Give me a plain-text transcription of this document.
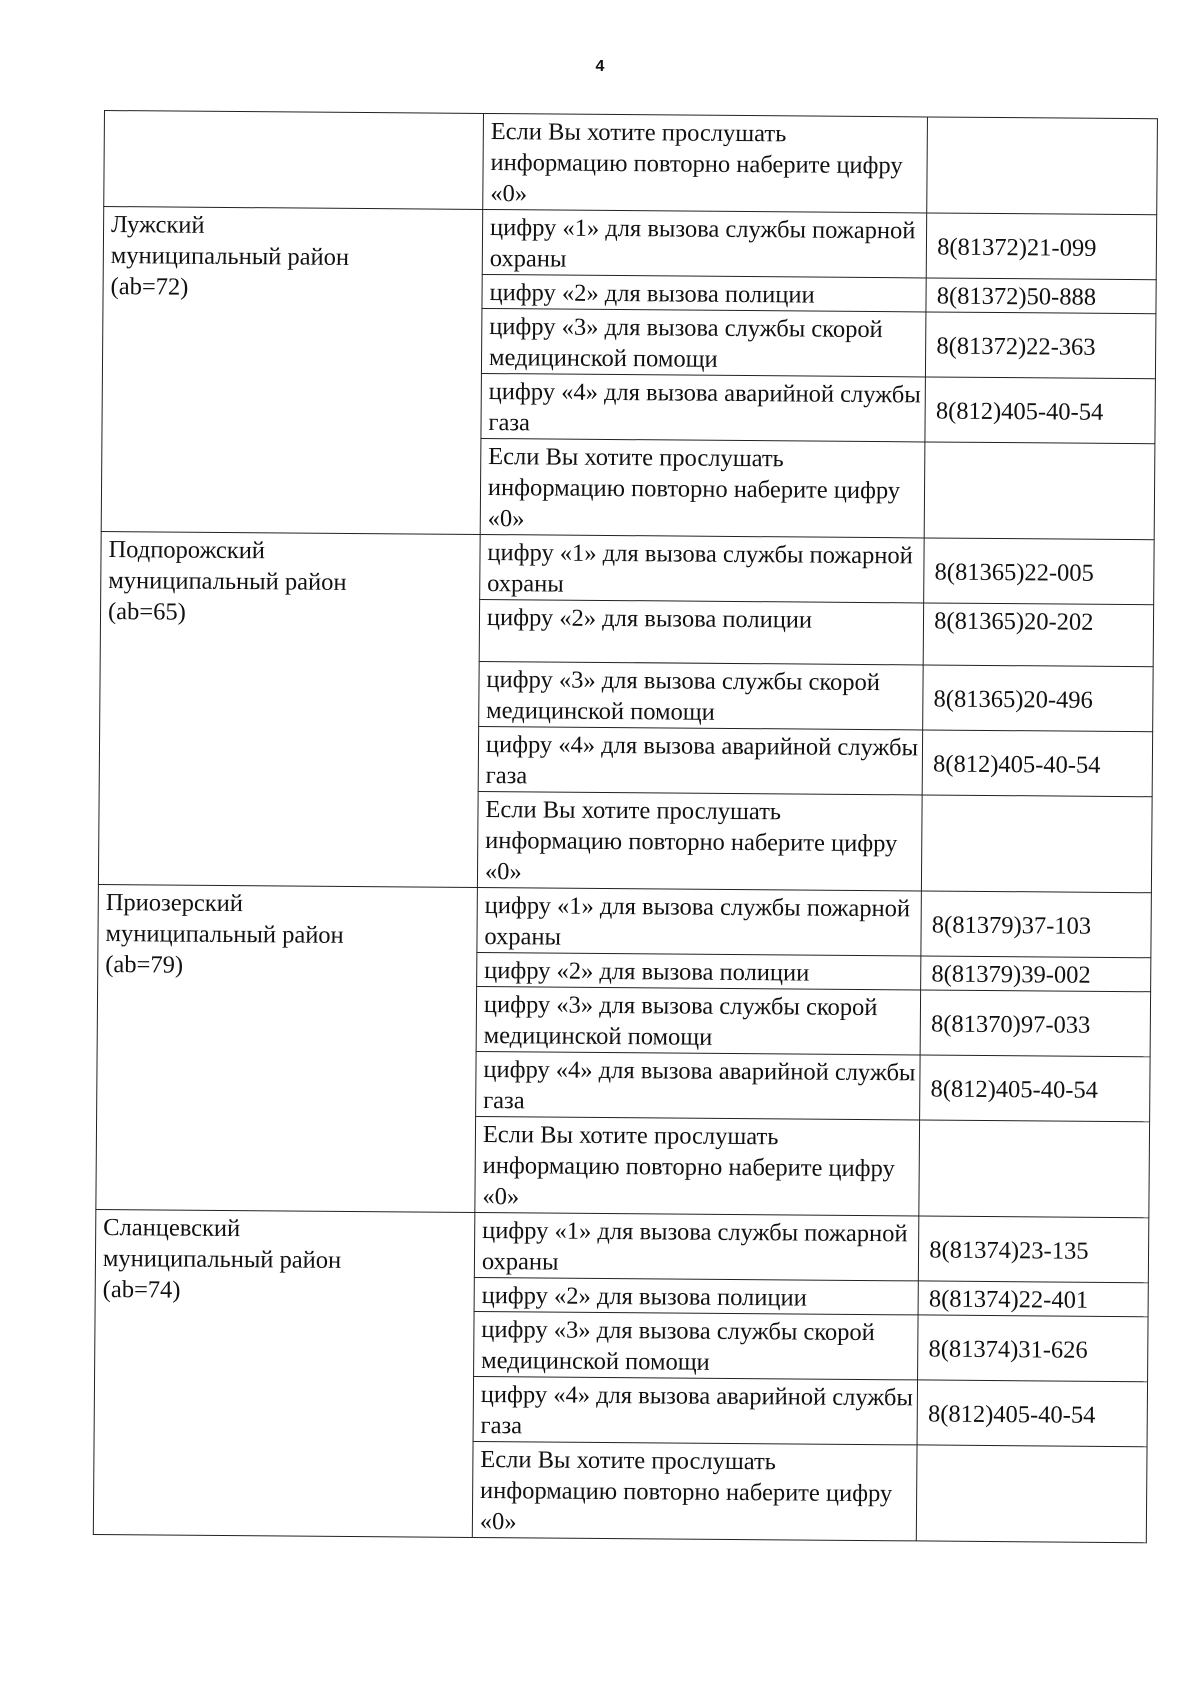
4
	Если Вы хотите прослушать информацию повторно наберите цифру «0»	

Лужский
муниципальный район
(ab=72)	цифру «1» для вызова службы пожарной охраны	8(81372)21-099
	цифру «2» для вызова полиции	8(81372)50-888
	цифру «3» для вызова службы скорой медицинской помощи	8(81372)22-363
	цифру «4» для вызова аварийной службы газа	8(812)405-40-54
	Если Вы хотите прослушать информацию повторно наберите цифру «0»	

Подпорожский
муниципальный район
(ab=65)	цифру «1» для вызова службы пожарной охраны	8(81365)22-005
	цифру «2» для вызова полиции	8(81365)20-202
	цифру «3» для вызова службы скорой медицинской помощи	8(81365)20-496
	цифру «4» для вызова аварийной службы газа	8(812)405-40-54
	Если Вы хотите прослушать информацию повторно наберите цифру «0»	

Приозерский
муниципальный район
(ab=79)	цифру «1» для вызова службы пожарной охраны	8(81379)37-103
	цифру «2» для вызова полиции	8(81379)39-002
	цифру «3» для вызова службы скорой медицинской помощи	8(81370)97-033
	цифру «4» для вызова аварийной службы газа	8(812)405-40-54
	Если Вы хотите прослушать информацию повторно наберите цифру «0»	

Сланцевский
муниципальный район
(ab=74)	цифру «1» для вызова службы пожарной охраны	8(81374)23-135
	цифру «2» для вызова полиции	8(81374)22-401
	цифру «3» для вызова службы скорой медицинской помощи	8(81374)31-626
	цифру «4» для вызова аварийной службы газа	8(812)405-40-54
	Если Вы хотите прослушать информацию повторно наберите цифру «0»	
